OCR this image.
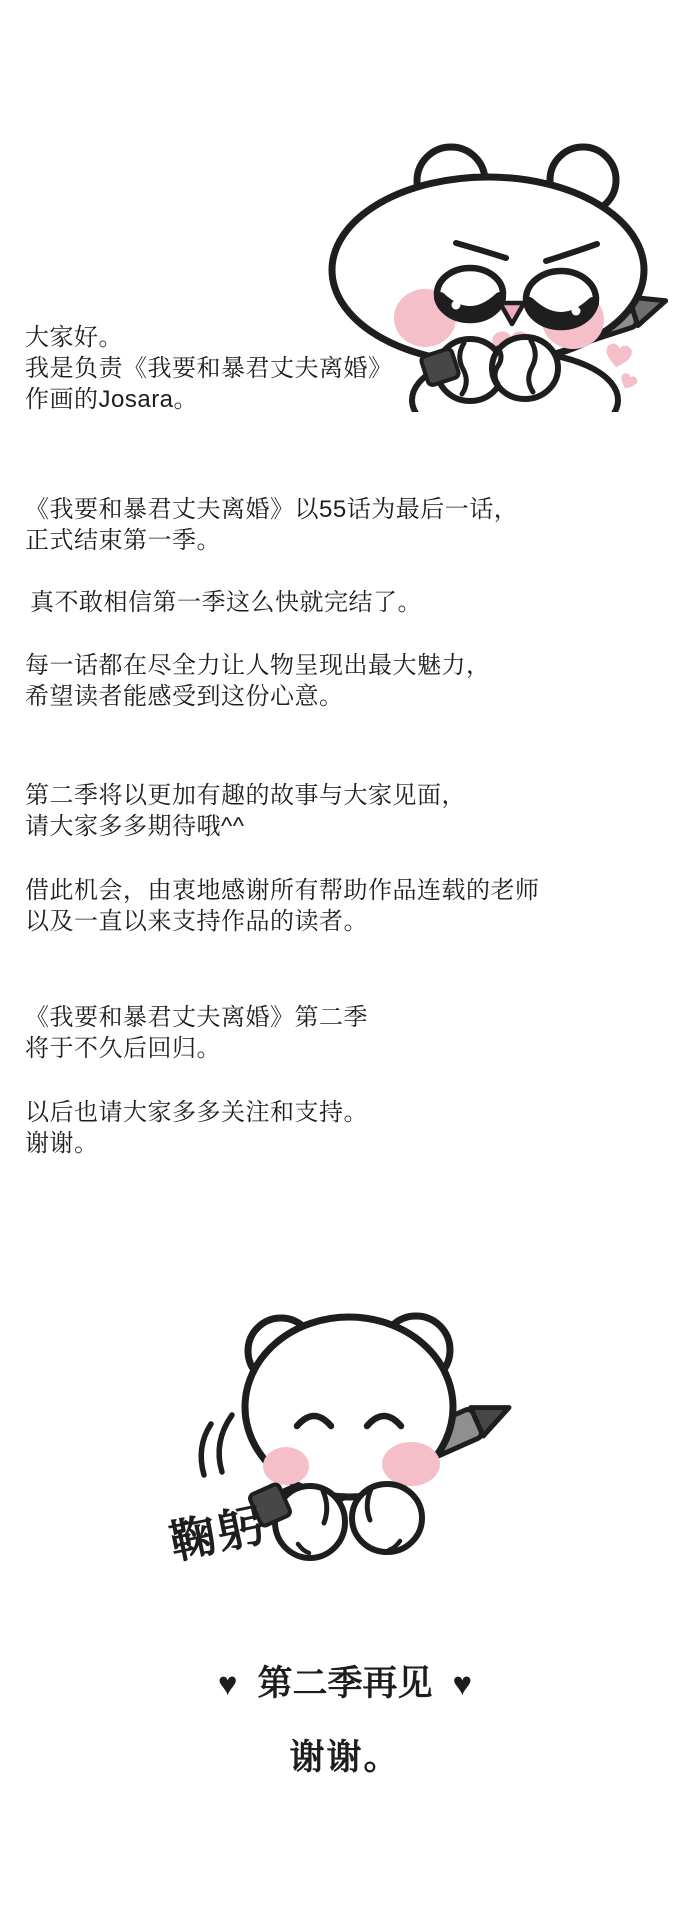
大家好。
我是负责《我要和暴君丈夫离婚》
作画的Josara。
《我要和暴君丈夫离婚》以55话为最后一话，
正式结束第一季。
真不敢相信第一季这么快就完结了。
每一话都在尽全力让人物呈现出最大魅力，
希望读者能感受到这份心意。
第二季将以更加有趣的故事与大家见面，
请大家多多期待哦^^
借此机会，由衷地感谢所有帮助作品连载的老师
以及一直以来支持作品的读者。
《我要和暴君丈夫离婚》第二季
将于不久后回归。
以后也请大家多多关注和支持。
谢谢。
鞠躬
♥ 第二季再见 ♥
谢谢。
